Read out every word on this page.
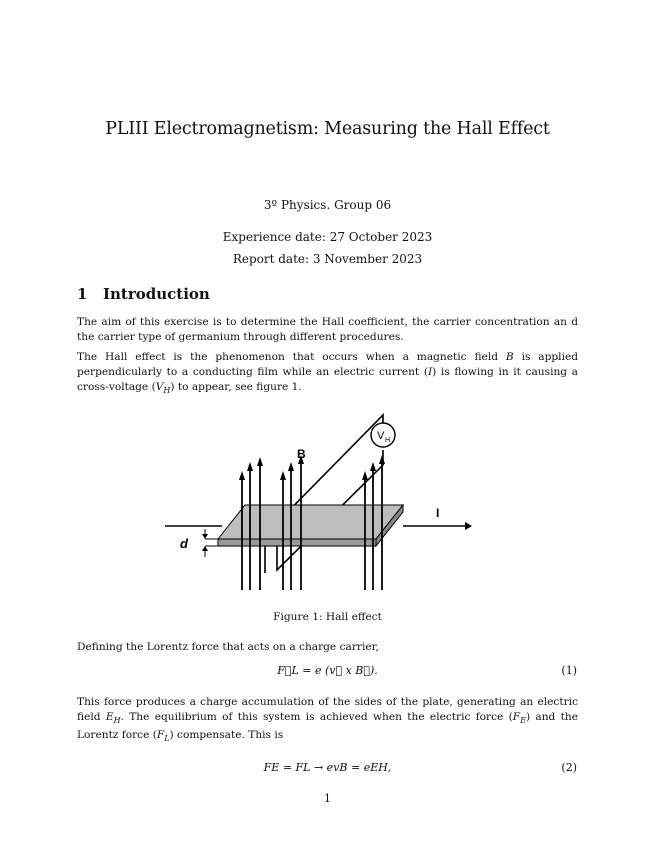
PLIII Electromagnetism: Measuring the Hall Effect
3º Physics. Group 06
Experience date: 27 October 2023
Report date: 3 November 2023
1 Introduction
The aim of this exercise is to determine the Hall coefficient, the carrier concentration an d the carrier type of germanium through different procedures.
The Hall effect is the phenomenon that occurs when a magnetic field B is applied perpendicularly to a conducting film while an electric current (I) is flowing in it causing a cross-voltage $(V_H)$ to appear, see figure 1.
V H
B
I
d
Figure 1: Hall effect
Defining the Lorentz force that acts on a charge carrier,
F⃗L = e (v⃗ x B⃗).	(1)
This force produces a charge accumulation of the sides of the plate, generating an electric field $E_H$. The equilibrium of this system is achieved when the electric force $(F_E)$ and the Lorentz force $(F_L)$ compensate. This is
FE = FL → evB = eEH,	(2)
1
